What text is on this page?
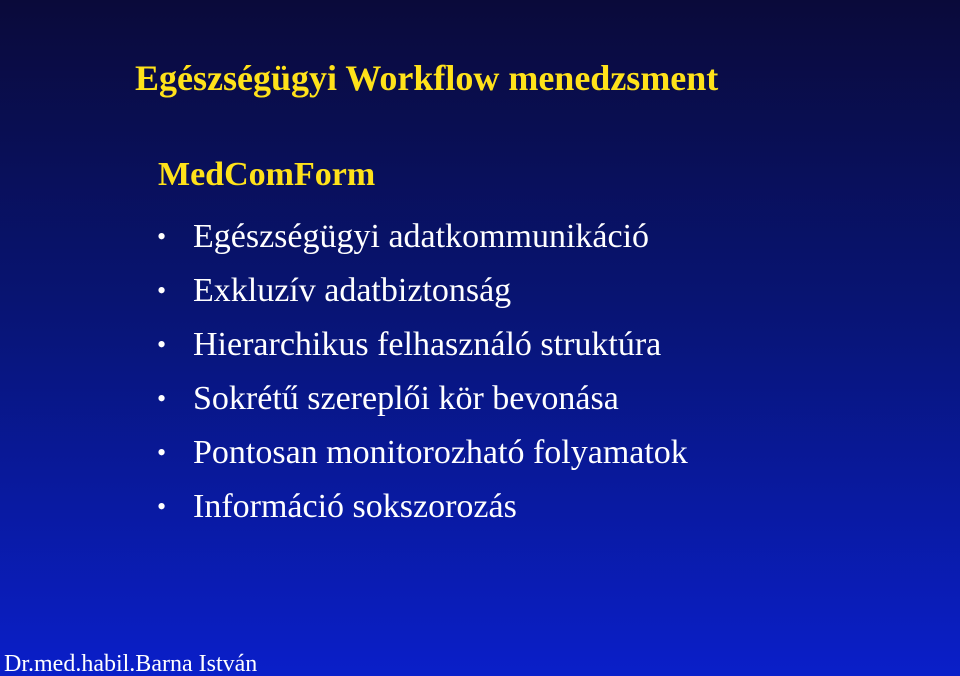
Egészségügyi Workflow menedzsment
MedComForm
• Egészségügyi adatkommunikáció
• Exkluzív adatbiztonság
• Hierarchikus felhasználó struktúra
• Sokrétű szereplői kör bevonása
• Pontosan monitorozható folyamatok
• Információ sokszorozás

Dr.med.habil.Barna István
